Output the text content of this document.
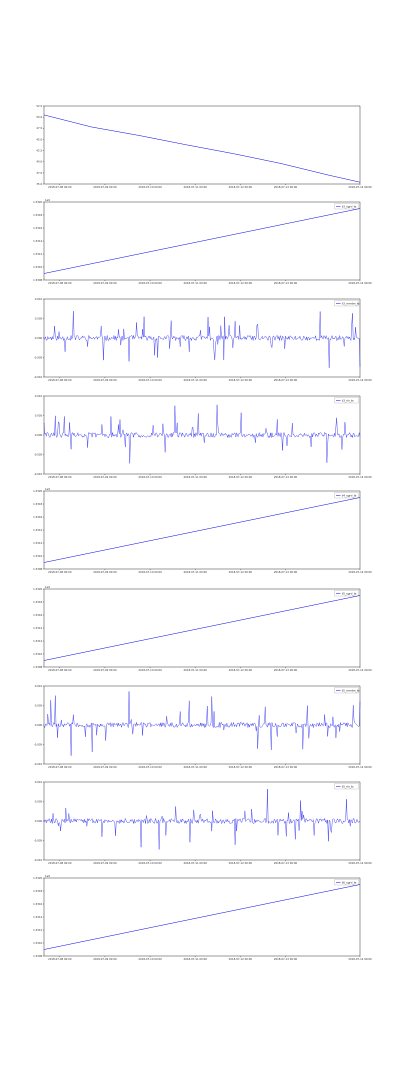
35.0
37.5
40.0
42.5
45.0
47.5
50.0
52.5
2018-07-08 00:00	2018-07-09 00:00	2018-07-10 00:00	2018-07-11 00:00	2018-07-12 00:00	2018-07-13 00:00	2018-07-14 00:00
1.5308
1.5310
1.5312
1.5314
1.5316
1.5318
1.5320
2018-07-08 00:00	2018-07-09 00:00	2018-07-10 00:00	2018-07-11 00:00	2018-07-12 00:00	2018-07-13 00:00	2018-07-14 00:00
1e9
t3_sgrd_ts
-0.010
-0.005
0.000
0.005
0.010
2018-07-08 00:00	2018-07-09 00:00	2018-07-10 00:00	2018-07-11 00:00	2018-07-12 00:00	2018-07-13 00:00	2018-07-14 00:00
t3_mmtm_ts
-0.010
-0.005
0.000
0.005
0.010
2018-07-08 00:00	2018-07-09 00:00	2018-07-10 00:00	2018-07-11 00:00	2018-07-12 00:00	2018-07-13 00:00	2018-07-14 00:00
t3_rls_ts
1.5308
1.5310
1.5312
1.5314
1.5316
1.5318
1.5320
2018-07-08 00:00	2018-07-09 00:00	2018-07-10 00:00	2018-07-11 00:00	2018-07-12 00:00	2018-07-13 00:00	2018-07-14 00:00
1e9
t4_sgrd_ts
1.5308
1.5310
1.5312
1.5314
1.5316
1.5318
1.5320
2018-07-08 00:00	2018-07-09 00:00	2018-07-10 00:00	2018-07-11 00:00	2018-07-12 00:00	2018-07-13 00:00	2018-07-14 00:00
1e9
t5_sgrd_ts
-0.010
-0.005
0.000
0.005
0.010
2018-07-08 00:00	2018-07-09 00:00	2018-07-10 00:00	2018-07-11 00:00	2018-07-12 00:00	2018-07-13 00:00	2018-07-14 00:00
t5_mmtm_ts
-0.010
-0.005
0.000
0.005
0.010
2018-07-08 00:00	2018-07-09 00:00	2018-07-10 00:00	2018-07-11 00:00	2018-07-12 00:00	2018-07-13 00:00	2018-07-14 00:00
t5_rls_ts
1.5308
1.5310
1.5312
1.5314
1.5316
1.5318
1.5320
2018-07-08 00:00	2018-07-09 00:00	2018-07-10 00:00	2018-07-11 00:00	2018-07-12 00:00	2018-07-13 00:00	2018-07-14 00:00
1e9
t6_sgrd_ts
